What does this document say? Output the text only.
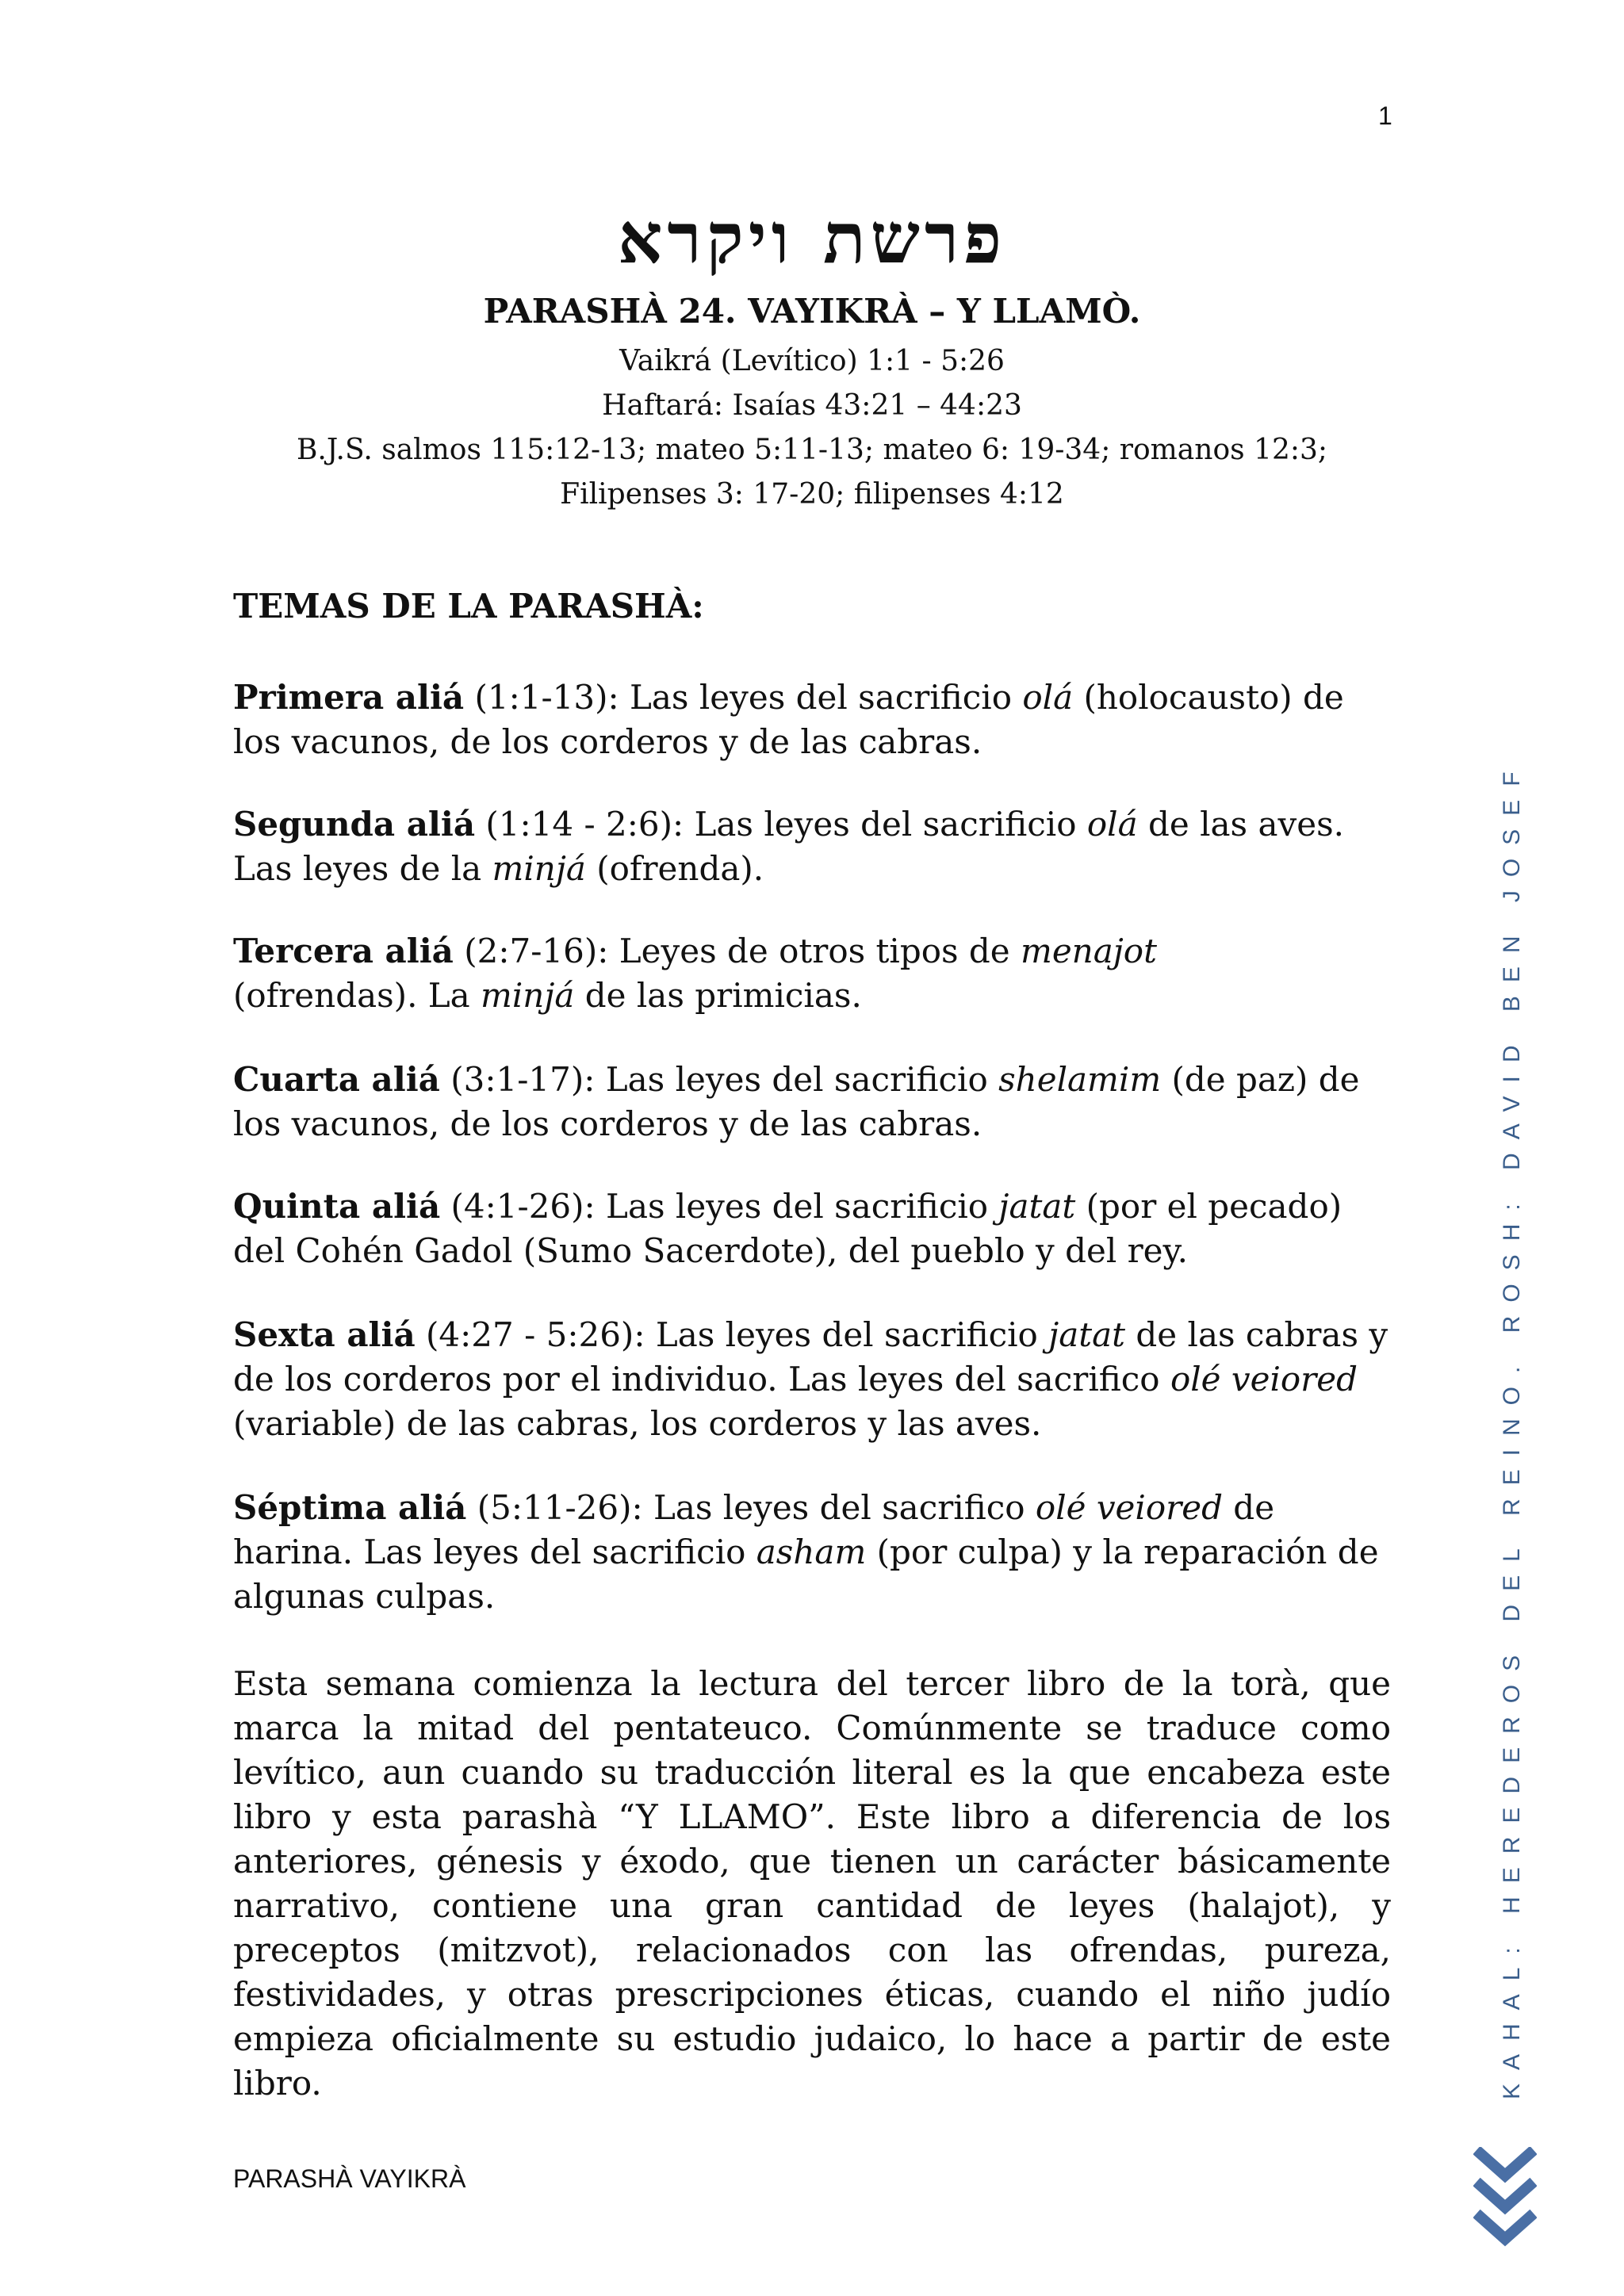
1
פרשת ויקרא
PARASHÀ 24. VAYIKRÀ – Y LLAMÒ.
Vaikrá (Levítico) 1:1 - 5:26
Haftará: Isaías 43:21 – 44:23
B.J.S. salmos 115:12-13; mateo 5:11-13; mateo 6: 19-34; romanos 12:3;
Filipenses 3: 17-20; filipenses 4:12
TEMAS DE LA PARASHÀ:
Primera aliá (1:1-13): Las leyes del sacrificio olá (holocausto) de los vacunos, de los corderos y de las cabras.
Segunda aliá (1:14 - 2:6): Las leyes del sacrificio olá de las aves. Las leyes de la minjá (ofrenda).
Tercera aliá (2:7-16): Leyes de otros tipos de menajot (ofrendas). La minjá de las primicias.
Cuarta aliá (3:1-17): Las leyes del sacrificio shelamim (de paz) de los vacunos, de los corderos y de las cabras.
Quinta aliá (4:1-26): Las leyes del sacrificio jatat (por el pecado) del Cohén Gadol (Sumo Sacerdote), del pueblo y del rey.
Sexta aliá (4:27 - 5:26): Las leyes del sacrificio jatat de las cabras y de los corderos por el individuo. Las leyes del sacrifico olé veiored (variable) de las cabras, los corderos y las aves.
Séptima aliá (5:11-26): Las leyes del sacrifico olé veiored de harina. Las leyes del sacrificio asham (por culpa) y la reparación de algunas culpas.
Esta semana comienza la lectura del tercer libro de la torà, que marca la mitad del pentateuco. Comúnmente se traduce como levítico, aun cuando su traducción literal es la que encabeza este libro y esta parashà “Y LLAMO”. Este libro a diferencia de los anteriores, génesis y éxodo, que tienen un carácter básicamente narrativo, contiene una gran cantidad de leyes (halajot), y preceptos (mitzvot), relacionados con las ofrendas, pureza, festividades, y otras prescripciones éticas, cuando el niño judío empieza oficialmente su estudio judaico, lo hace a partir de este libro.
PARASHÀ VAYIKRÀ
KAHAL: HEREDEROS DEL REINO. ROSH: DAVID BEN JOSEF
